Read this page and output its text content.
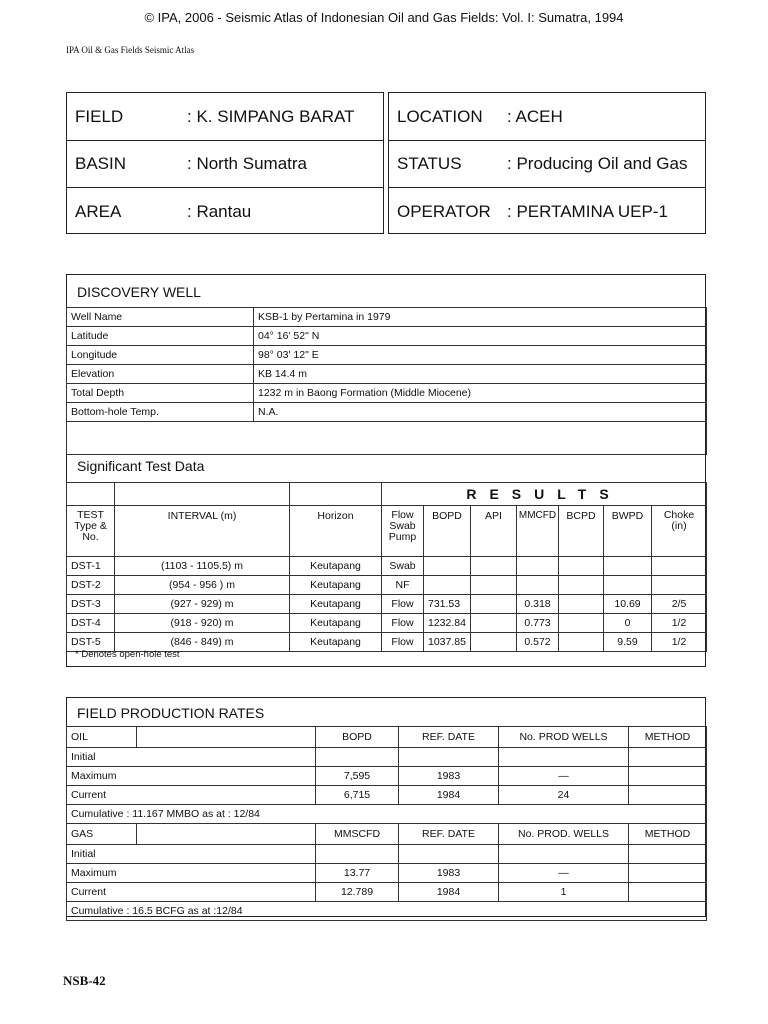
© IPA, 2006 - Seismic Atlas of Indonesian Oil and Gas Fields: Vol. I: Sumatra, 1994
IPA Oil & Gas Fields Seismic Atlas
FIELD	: K. SIMPANG BARAT
BASIN	: North Sumatra
AREA	: Rantau
LOCATION : ACEH
STATUS	: Producing Oil and Gas
OPERATOR : PERTAMINA UEP-1
DISCOVERY WELL
Well Name	KSB-1 by Pertamina in 1979
Latitude	04° 16' 52" N
Longitude	98° 03' 12" E
Elevation	KB 14.4 m
Total Depth	1232 m in Baong Formation (Middle Miocene)
Bottom-hole Temp.	N.A.

Significant Test Data
			RESULTS						
TEST Type & No.	INTERVAL (m)	Horizon	Flow Swab Pump	BOPD	API	MMCFD	BCPD	BWPD	Choke (in)
DST-1	(1103 - 1105.5) m	Keutapang	Swab						
DST-2	(954 - 956 ) m	Keutapang	NF						
DST-3	(927 - 929) m	Keutapang	Flow	731.53		0.318		10.69	2/5
DST-4	(918 - 920) m	Keutapang	Flow	1232.84		0.773		0	1/2
DST-5	(846 - 849) m	Keutapang	Flow	1037.85		0.572		9.59	1/2
* Denotes open-hole test
FIELD PRODUCTION RATES
OIL		BOPD	REF. DATE	No. PROD WELLS	METHOD
Initial					
Maximum		7,595	1983	—	
Current		6,715	1984	24	
Cumulative : 11.167 MMBO as at : 12/84					
GAS		MMSCFD	REF. DATE	No. PROD. WELLS	METHOD
Initial					
Maximum		13.77	1983	—	
Current		12.789	1984	1	
Cumulative : 16.5 BCFG as at :12/84					
NSB-42
